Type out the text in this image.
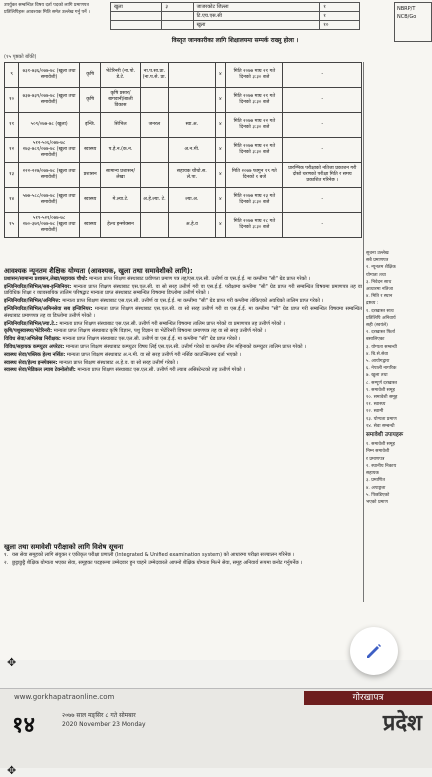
उपर्युक्त सम्बन्धित विषय दर्ता पदको लागि प्रमाणपत्र प्रतिलिपिहरू आवश्यक मिति समेत उल्लेख गर्नु पर्ने ।
खुला	३	जाजरकोट जिल्ला	१
		टि.एच.एस.सी	१
		खुला	१०
विस्तृत जानकारीका लागि शिक्षालयमा सम्पर्क राख्नु होला ।
(१५ पृष्ठको बाँकी)
NBRP/T
NCB/Go
९	७३१-७३६/०७७-७८ (खुला तथा समावेशी)	कृषि	भेटेरिनरी (ना.पो. डे.टे.	ना.प.सा.प्रा.(ना.प.से. प्रा.		४	मिति २०७७ माघ २१ गते दिनको ३:३० बजे	-
१०	७३७-७३९/०७७-७८ (खुला तथा समावेशी)	कृषि	कृषि प्रसार/बागवानी/बाली विकास			४	मिति २०७७ माघ २१ गते दिनको ३:३० बजे	-
११	५०९/०७७-७८ (खुला)	इन्जि.	सिभिल	जनरल	स्वा.अ.	४	मिति २०७७ माघ २२ गते दिनको ३:३० बजे	-
१२	५१२-५०६/०७७-७८ २७३-७८१/०७७-७८ (खुला तथा समावेशी)	स्वास्थ्य	प.हे.न.(क.न.		अ.न.मी.	४	मिति २०७७ माघ २२ गते दिनको ३:३० बजे	-
१३	२२२-२२७/०७७-७८ (खुला तथा समावेशी)	प्रशासन	सामान्य प्रशासन/लेखा		सहायक चौथो.स. ले.पा.	४	मिति २०७७ फागुन १९ गते दिनको १ बजे	प्रारम्भिक परीक्षाको नतिजा प्रकाशन गरी दोस्रो चरणको परीक्षा मिति र समय प्रकाशित गरिनेछ ।
१४	५७७-५८८/०७७-७८ (खुला तथा समावेशी)	स्वास्थ्य	मे.ल्या.टे.	अ.हे.ल्या. टे.	ल्या.अ.	४	मिति २०७७ माघ २३ गते दिनको ३:३० बजे	-
१५	५१९-५२१/०७७-७८ २७०-३७१/०७७-७८ (खुला तथा समावेशी)	स्वास्थ्य	हेल्थ इन्स्पेक्सन		अ.हे.व	४	मिति २०७७ माघ २८ गते दिनको ३:३० बजे	-
आवश्यक न्यूनतम शैक्षिक योग्यता (आवश्यक, खुला तथा समावेशीको लागि):

प्रशासन/सामान्य प्रशासन,लेखा/सहायक चौथो: मान्यता प्राप्त शिक्षण संस्थाबाट प्रवीणता प्रमाण पत्र तह/एस.एल.सी. उत्तीर्ण वा एस.ई.ई. मा कम्तीमा "सी" ग्रेड प्राप्त गरेको ।

इन्जिनियरिङ/सिभिल/सब-इन्जिनियर: मान्यता प्राप्त शिक्षण संस्थाबाट एस.एल.सी. वा सो सरह उत्तीर्ण गरी वा एस.ई.ई. परीक्षामा कम्तीमा "सी" ग्रेड प्राप्त गरी सम्बन्धित विषयमा प्रमाणपत्र तह वा प्राविधिक शिक्षा र व्यावसायिक तालिम परिषद्बाट मान्यता प्राप्त संस्थाबाट सम्बन्धित विषयमा डिप्लोमा उत्तीर्ण गरेको ।

इन्जिनियरिङ/सिभिल/अनिमित्त: मान्यता प्राप्त शिक्षण संस्थाबाट एस.एल.सी. उत्तीर्ण वा एस.ई.ई. मा कम्तीमा "सी" ग्रेड प्राप्त गरी कम्तीमा तोकिएको अवधिको तालिम प्राप्त गरेको ।

इन्जिनियरिङ/सिभिल/अमिनसेवा सब इन्जिनियर: मान्यता प्राप्त शिक्षण संस्थाबाट एस.एल.सी. वा सो सरह उत्तीर्ण गरी वा एस.ई.ई. मा कम्तीमा "सी" ग्रेड प्राप्त गरी सम्बन्धित विषयमा सम्बन्धित संस्थाबाट प्रमाणपत्र तह वा डिप्लोमा उत्तीर्ण गरेको ।

इन्जिनियरिङ/सिभिल/ल्या.टे.: मान्यता प्राप्त शिक्षण संस्थाबाट एस.एल.सी. उत्तीर्ण गरी सम्बन्धित विषयमा तालिम प्राप्त गरेको वा प्रमाणपत्र तह उत्तीर्ण गरेको ।

कृषि/पशुस्वास्थ्य/भेटेरिनरी: मान्यता प्राप्त शिक्षण संस्थाबाट कृषि विज्ञान, पशु विज्ञान वा भेटेरिनरी विषयमा प्रमाणपत्र तह वा सो सरह उत्तीर्ण गरेको ।

विविध सेवा/अभिलेख निरीक्षक: मान्यता प्राप्त शिक्षण संस्थाबाट एस.एल.सी. उत्तीर्ण वा एस.ई.ई. मा कम्तीमा "सी" ग्रेड प्राप्त गरेको ।

विविध/सहायक कम्प्युटर अपरेटर: मान्यता प्राप्त शिक्षण संस्थाबाट कम्प्युटर विषय लिई एस.एल.सी. उत्तीर्ण गरेको वा कम्तीमा तीन महिनाको कम्प्युटर तालिम प्राप्त गरेको ।

स्वास्थ्य सेवा/पब्लिक हेल्थ नर्सिङ: मान्यता प्राप्त शिक्षण संस्थाबाट अ.न.मी. वा सो सरह उत्तीर्ण गरी नर्सिङ काउन्सिलमा दर्ता भएको ।

स्वास्थ्य सेवा/हेल्थ इन्स्पेक्सन: मान्यता प्राप्त शिक्षण संस्थाबाट अ.हे.व. वा सो सरह उत्तीर्ण गरेको ।

स्वास्थ्य सेवा/मेडिकल ल्याब टेक्नोलोजी: मान्यता प्राप्त शिक्षण संस्थाबाट एस.एल.सी. उत्तीर्ण गरी ल्याब असिस्टेन्टको तह उत्तीर्ण गरेको ।

खुला तथा समावेशी परीक्षाको लागि विशेष सूचना

१. यस सेवा समूहको लागि संयुक्त र एकीकृत परीक्षा प्रणाली (Integrated & Unified examination system) को आधारमा परीक्षा सञ्चालन गरिनेछ ।

२. छुट्टाछुट्टै शैक्षिक योग्यता भएका सेवा, समूहका पदहरूमा उम्मेदवार हुन चाहने उम्मेदवारले आफ्नो शैक्षिक योग्यता मिल्ने सेवा, समूह अनिवार्य रूपमा छनोट गर्नुपर्नेछ ।

सूचना उल्लेख
सबै प्रमाणपत्र
२. न्यूनतम शैक्षिक
योग्यता तथा
३. निवेदन साथ
आधारमा नतिजा
४. मिति र स्थान
द्रष्टव्य :
१. दरखास्त साथ
प्रतिलिपि अनिवार्य
सही (स्वयंले)
२. दरखास्त फिर्ता
बसालिएका
३. योग्यता सम्बन्धी
४. बि.से.सेवा
५. आयोगद्वारा
६. नेपाली नागरिक
७. खुला तथा
८. सम्पूर्ण दरखास्त
९. समावेशी समूह
१०. समावेशी समूह
११. स्वास्थ्य
१२. स्वामी
१३. योग्यता प्रमाण
१४. सेवा सम्बन्धी
समावेशी उपायहरू
१. समावेशी समूह
निम्न समावेशी
र प्रमाणपत्र
२. स्थानीय निकाय
सहायक
३. प्रमाणित
४. अपाङ्गता
५. पिछडिएको
भएको प्रमाण
✥
www.gorkhapatraonline.com
१४	२०७७ साल मङ्सिर ८ गते सोमबार
2020 November 23 Monday
गोरखापत्र
प्रदेश
✥
